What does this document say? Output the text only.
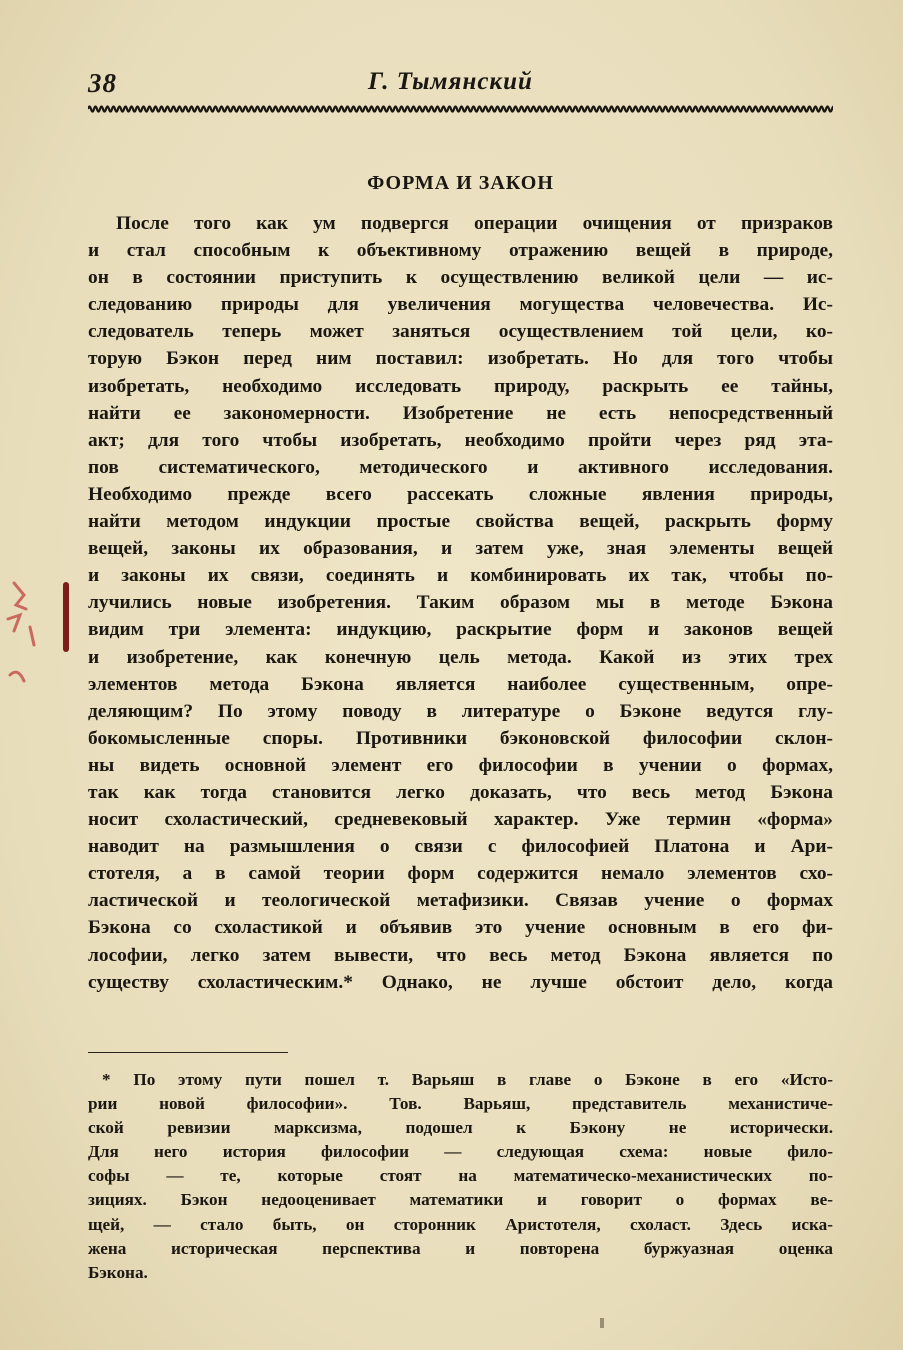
38	Г. Тымянский
ФОРМА И ЗАКОН
После того как ум подвергся операции очищения от призраков
и стал способным к объективному отражению вещей в природе,
он в состоянии приступить к осуществлению великой цели — ис-
следованию природы для увеличения могущества человечества. Ис-
следователь теперь может заняться осуществлением той цели, ко-
торую Бэкон перед ним поставил: изобретать. Но для того чтобы
изобретать, необходимо исследовать природу, раскрыть ее тайны,
найти ее закономерности. Изобретение не есть непосредственный
акт; для того чтобы изобретать, необходимо пройти через ряд эта-
пов систематического, методического и активного исследования.
Необходимо прежде всего рассекать сложные явления природы,
найти методом индукции простые свойства вещей, раскрыть форму
вещей, законы их образования, и затем уже, зная элементы вещей
и законы их связи, соединять и комбинировать их так, чтобы по-
лучились новые изобретения. Таким образом мы в методе Бэкона
видим три элемента: индукцию, раскрытие форм и законов вещей
и изобретение, как конечную цель метода. Какой из этих трех
элементов метода Бэкона является наиболее существенным, опре-
деляющим? По этому поводу в литературе о Бэконе ведутся глу-
бокомысленные споры. Противники бэконовской философии склон-
ны видеть основной элемент его философии в учении о формах,
так как тогда становится легко доказать, что весь метод Бэкона
носит схоластический, средневековый характер. Уже термин «форма»
наводит на размышления о связи с философией Платона и Ари-
стотеля, а в самой теории форм содержится немало элементов схо-
ластической и теологической метафизики. Связав учение о формах
Бэкона со схоластикой и объявив это учение основным в его фи-
лософии, легко затем вывести, что весь метод Бэкона является по
существу схоластическим.* Однако, не лучше обстоит дело, когда
* По этому пути пошел т. Варьяш в главе о Бэконе в его «Исто-
рии новой философии». Тов. Варьяш, представитель механистиче-
ской ревизии марксизма, подошел к Бэкону не исторически.
Для него история философии — следующая схема: новые фило-
софы — те, которые стоят на математическо-механистических по-
зициях. Бэкон недооценивает математики и говорит о формах ве-
щей, — стало быть, он сторонник Аристотеля, схоласт. Здесь иска-
жена историческая перспектива и повторена буржуазная оценка
Бэкона.
